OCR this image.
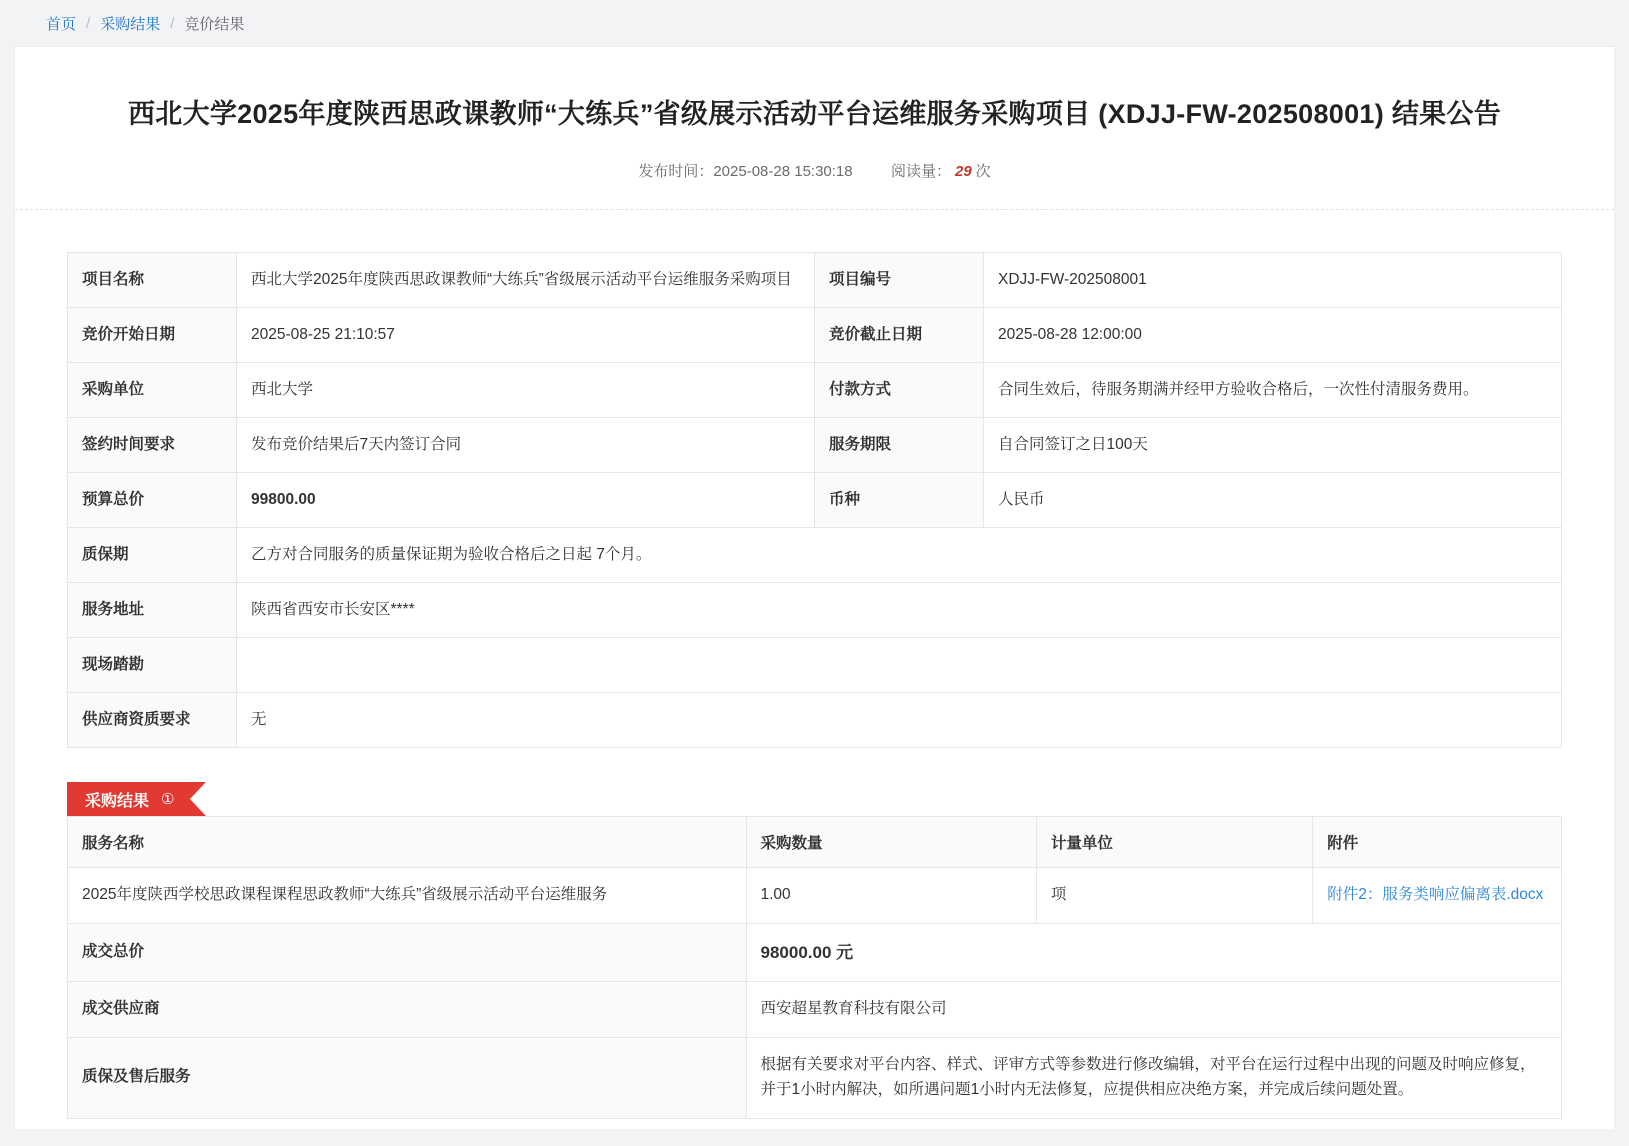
首页 / 采购结果 / 竞价结果
西北大学2025年度陕西思政课教师“大练兵”省级展示活动平台运维服务采购项目 (XDJJ-FW-202508001) 结果公告
发布时间：2025-08-28 15:30:18	阅读量： 29 次
项目名称	西北大学2025年度陕西思政课教师“大练兵”省级展示活动平台运维服务采购项目	项目编号	XDJJ-FW-202508001
竞价开始日期	2025-08-25 21:10:57	竞价截止日期	2025-08-28 12:00:00
采购单位	西北大学	付款方式	合同生效后，待服务期满并经甲方验收合格后，一次性付清服务费用。
签约时间要求	发布竞价结果后7天内签订合同	服务期限	自合同签订之日100天
预算总价	99800.00	币种	人民币
质保期	乙方对合同服务的质量保证期为验收合格后之日起 7个月。		
服务地址	陕西省西安市长安区****		
现场踏勘			
供应商资质要求	无		
采购结果 ①
服务名称	采购数量	计量单位	附件
2025年度陕西学校思政课程课程思政教师“大练兵”省级展示活动平台运维服务	1.00	项	附件2：服务类响应偏离表.docx
成交总价	98000.00 元		
成交供应商	西安超星教育科技有限公司		
质保及售后服务	根据有关要求对平台内容、样式、评审方式等参数进行修改编辑，对平台在运行过程中出现的问题及时响应修复，并于1小时内解决，如所遇问题1小时内无法修复，应提供相应决绝方案，并完成后续问题处置。		
